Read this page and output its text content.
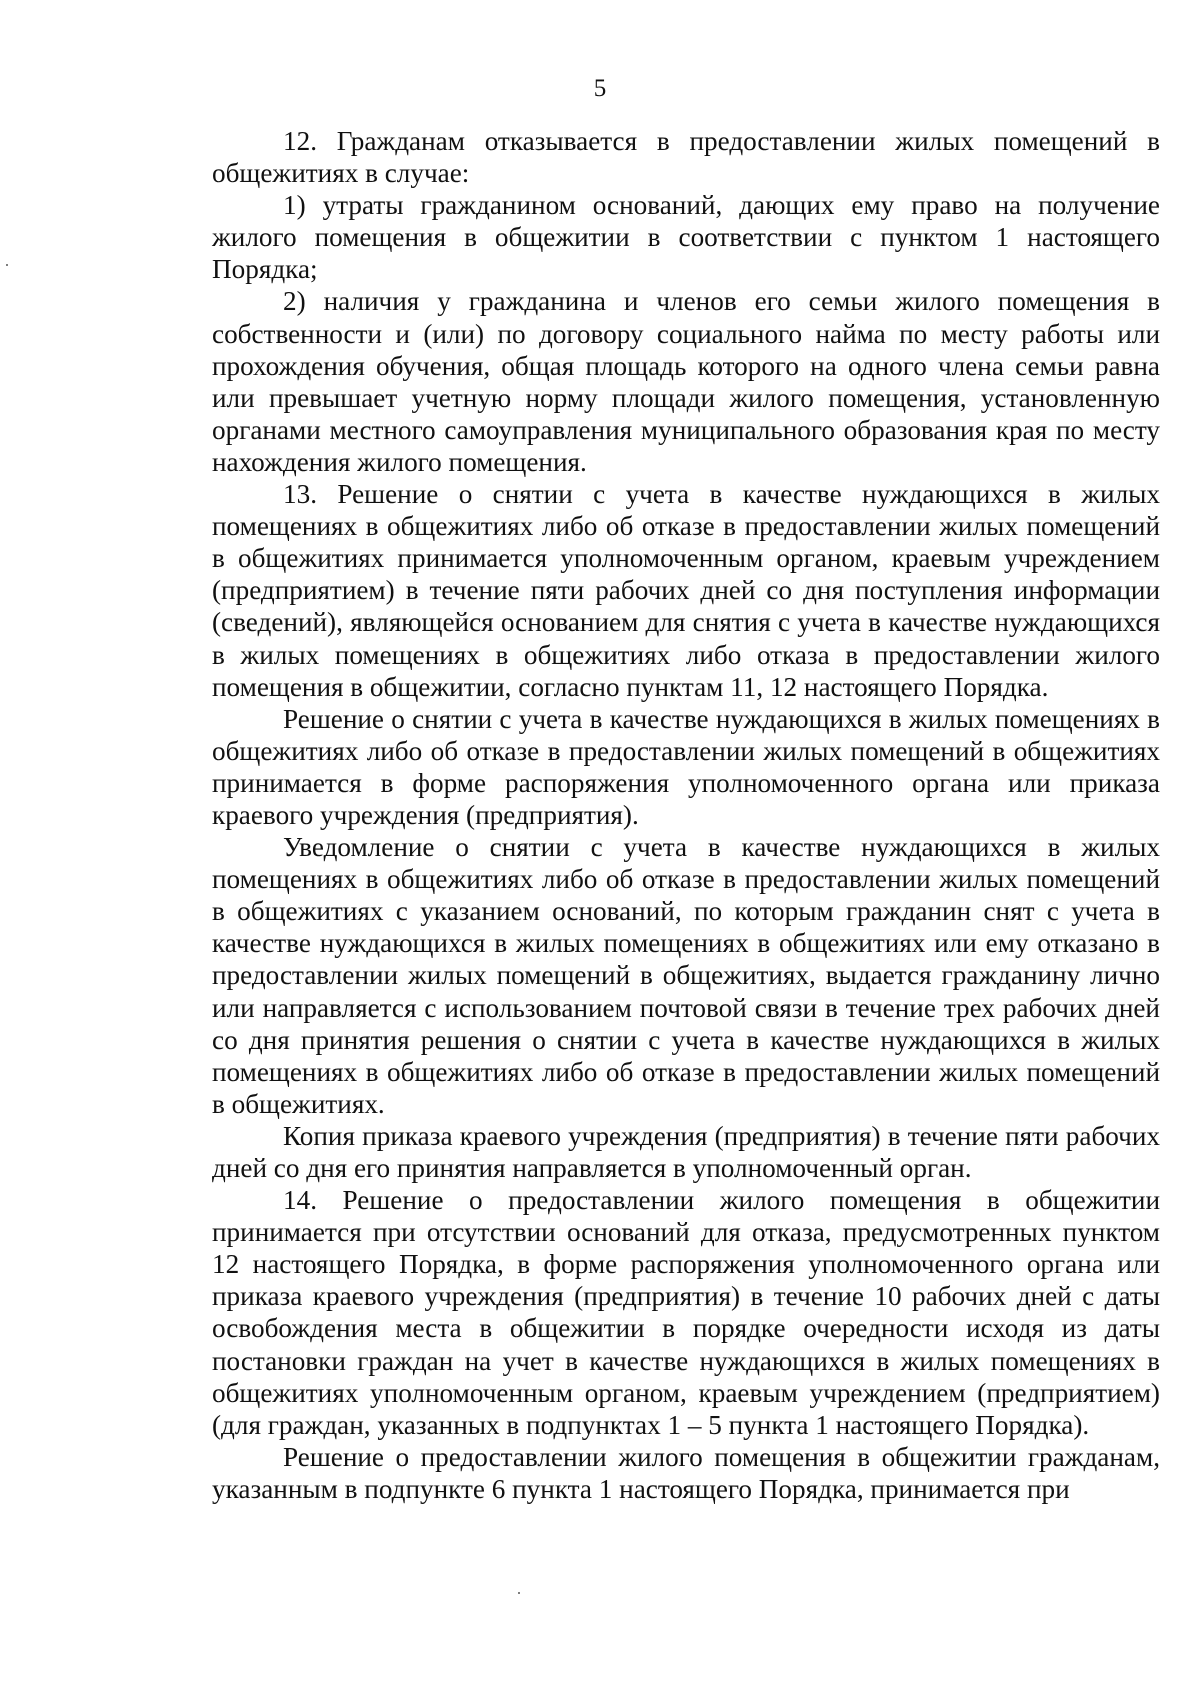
5

12. Гражданам отказывается в предоставлении жилых помещений в общежитиях в случае:

1) утраты гражданином оснований, дающих ему право на получение жилого помещения в общежитии в соответствии с пунктом 1 настоящего Порядка;

2) наличия у гражданина и членов его семьи жилого помещения в собственности и (или) по договору социального найма по месту работы или прохождения обучения, общая площадь которого на одного члена семьи равна или превышает учетную норму площади жилого помещения, установленную органами местного самоуправления муниципального образования края по месту нахождения жилого помещения.

13. Решение о снятии с учета в качестве нуждающихся в жилых помещениях в общежитиях либо об отказе в предоставлении жилых помещений в общежитиях принимается уполномоченным органом, краевым учреждением (предприятием) в течение пяти рабочих дней со дня поступления информации (сведений), являющейся основанием для снятия с учета в качестве нуждающихся в жилых помещениях в общежитиях либо отказа в предоставлении жилого помещения в общежитии, согласно пунктам 11, 12 настоящего Порядка.

Решение о снятии с учета в качестве нуждающихся в жилых помещениях в общежитиях либо об отказе в предоставлении жилых помещений в общежитиях принимается в форме распоряжения уполномоченного органа или приказа краевого учреждения (предприятия).

Уведомление о снятии с учета в качестве нуждающихся в жилых помещениях в общежитиях либо об отказе в предоставлении жилых помещений в общежитиях с указанием оснований, по которым гражданин снят с учета в качестве нуждающихся в жилых помещениях в общежитиях или ему отказано в предоставлении жилых помещений в общежитиях, выдается гражданину лично или направляется с использованием почтовой связи в течение трех рабочих дней со дня принятия решения о снятии с учета в качестве нуждающихся в жилых помещениях в общежитиях либо об отказе в предоставлении жилых помещений в общежитиях.

Копия приказа краевого учреждения (предприятия) в течение пяти рабочих дней со дня его принятия направляется в уполномоченный орган.

14. Решение о предоставлении жилого помещения в общежитии принимается при отсутствии оснований для отказа, предусмотренных пунктом 12 настоящего Порядка, в форме распоряжения уполномоченного органа или приказа краевого учреждения (предприятия) в течение 10 рабочих дней с даты освобождения места в общежитии в порядке очередности исходя из даты постановки граждан на учет в качестве нуждающихся в жилых помещениях в общежитиях уполномоченным органом, краевым учреждением (предприятием) (для граждан, указанных в подпунктах 1 – 5 пункта 1 настоящего Порядка).

Решение о предоставлении жилого помещения в общежитии гражданам, указанным в подпункте 6 пункта 1 настоящего Порядка, принимается при
